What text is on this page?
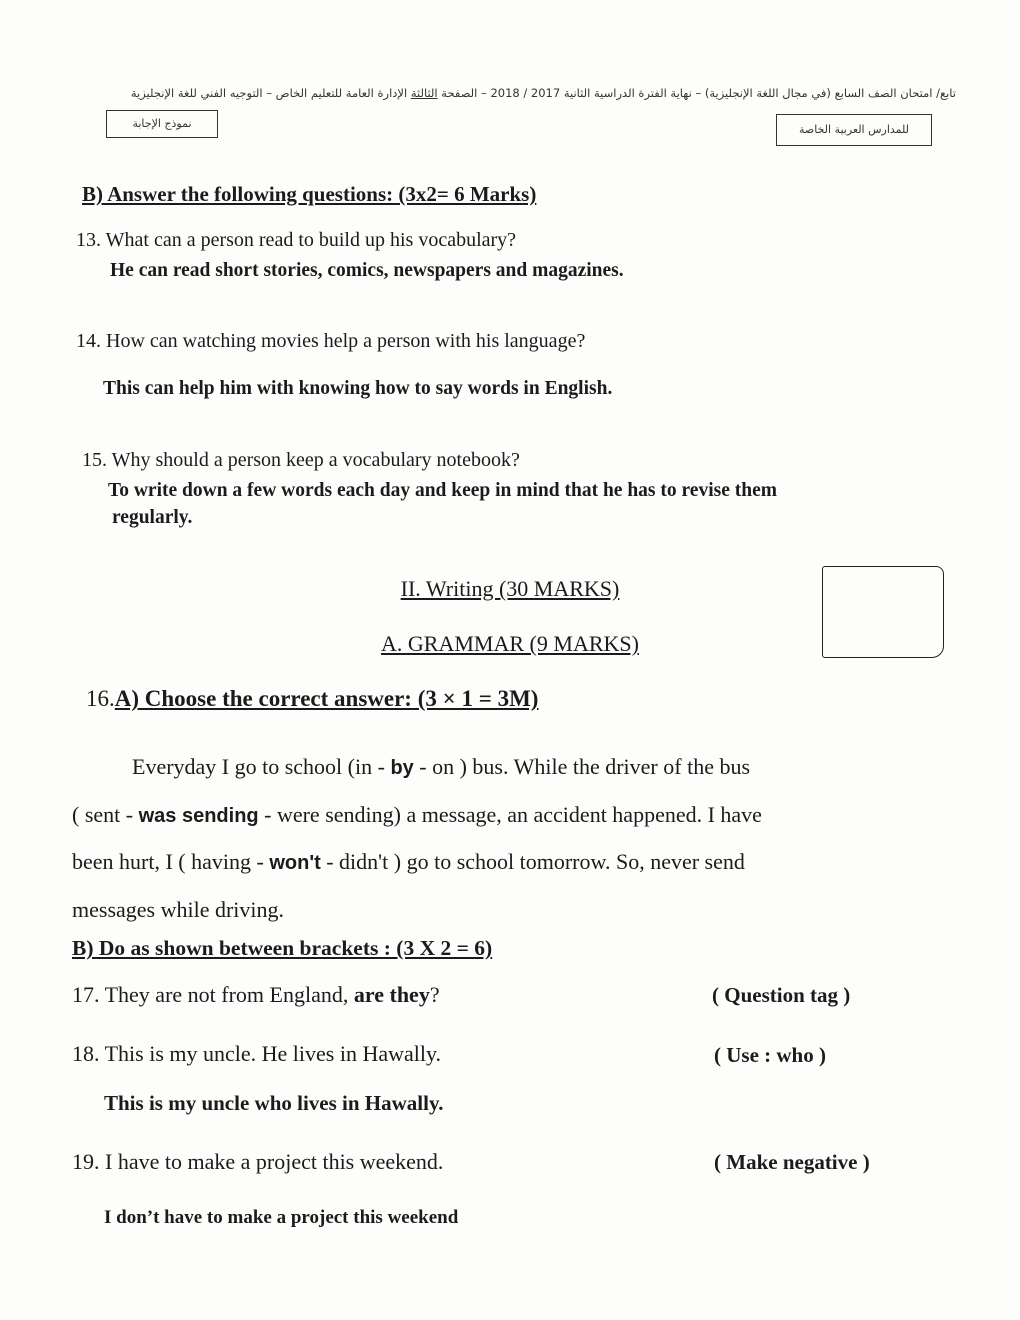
تابع/ امتحان الصف السابع (في مجال اللغة الإنجليزية) – نهاية الفترة الدراسية الثانية 2017 / 2018 – الصفحة الثالثة الإدارة العامة للتعليم الخاص – التوجيه الفني للغة الإنجليزية
نموذج الإجابة	للمدارس العربية الخاصة
B) Answer the following questions: (3x2= 6 Marks)
13. What can a person read to build up his vocabulary?
He can read short stories, comics, newspapers and magazines.
14. How can watching movies help a person with his language?
This can help him with knowing how to say words in English.
15. Why should a person keep a vocabulary notebook?
To write down a few words each day and keep in mind that he has to revise them
regularly.
II. Writing (30 MARKS)
A. GRAMMAR (9 MARKS)
16.A) Choose the correct answer: (3 × 1 = 3M)

Everyday I go to school (in - by - on ) bus. While the driver of the bus

( sent - was sending - were sending) a message, an accident happened. I have

been hurt, I ( having - won't - didn't ) go to school tomorrow. So, never send

messages while driving.

B) Do as shown between brackets : (3 X 2 = 6)
17. They are not from England, are they?	( Question tag )
18. This is my uncle. He lives in Hawally.	( Use : who )
This is my uncle who lives in Hawally.
19. I have to make a project this weekend.	( Make negative )
I don’t have to make a project this weekend
